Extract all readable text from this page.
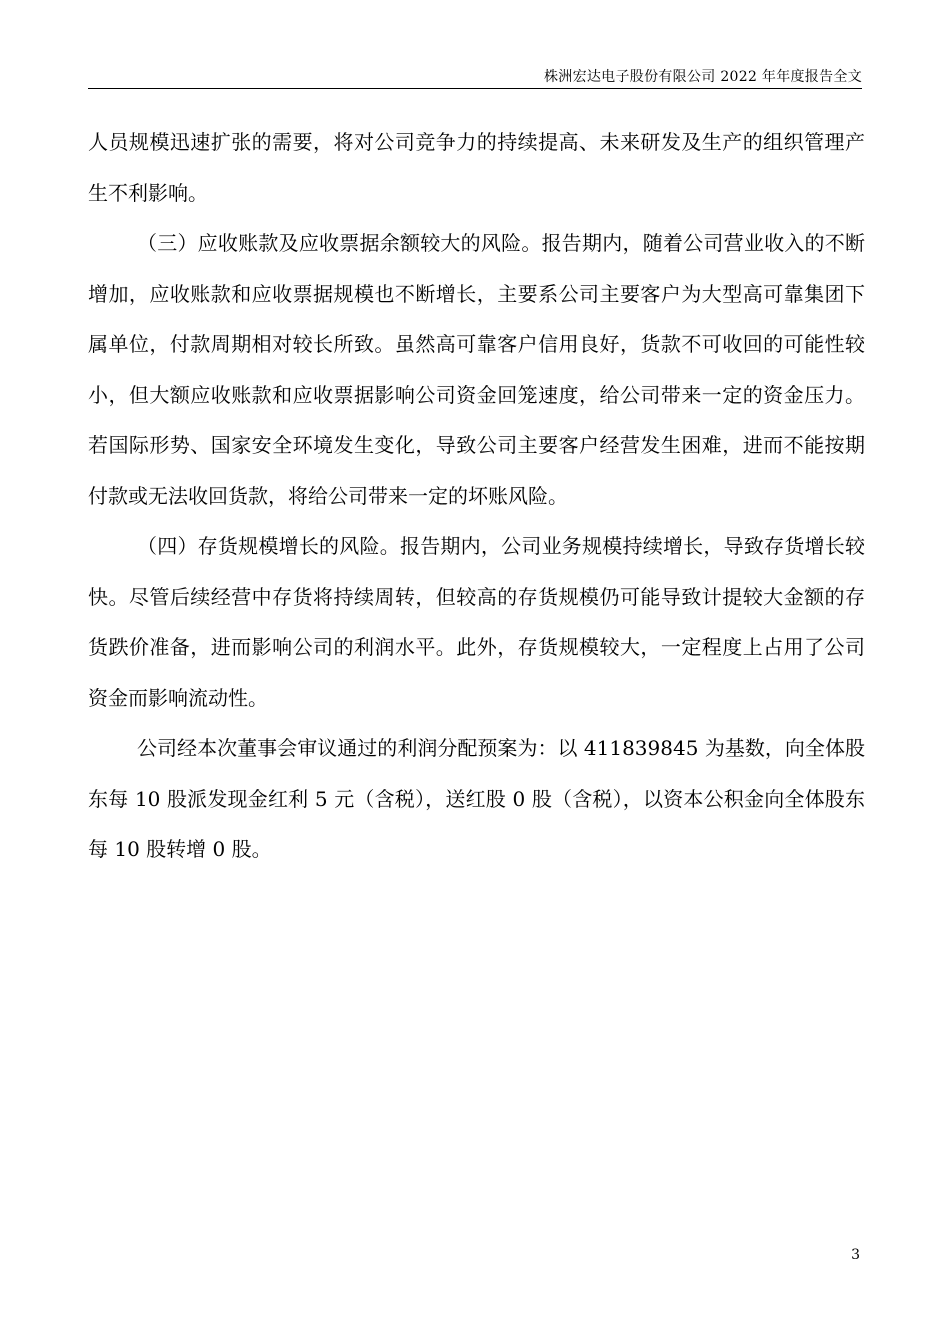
株洲宏达电子股份有限公司 2022 年年度报告全文

人员规模迅速扩张的需要，将对公司竞争力的持续提高、未来研发及生产的组织管理产生不利影响。

（三）应收账款及应收票据余额较大的风险。报告期内，随着公司营业收入的不断增加，应收账款和应收票据规模也不断增长，主要系公司主要客户为大型高可靠集团下属单位，付款周期相对较长所致。虽然高可靠客户信用良好，货款不可收回的可能性较小，但大额应收账款和应收票据影响公司资金回笼速度，给公司带来一定的资金压力。若国际形势、国家安全环境发生变化，导致公司主要客户经营发生困难，进而不能按期付款或无法收回货款，将给公司带来一定的坏账风险。

（四）存货规模增长的风险。报告期内，公司业务规模持续增长，导致存货增长较快。尽管后续经营中存货将持续周转，但较高的存货规模仍可能导致计提较大金额的存货跌价准备，进而影响公司的利润水平。此外，存货规模较大，一定程度上占用了公司资金而影响流动性。

公司经本次董事会审议通过的利润分配预案为：以 411839845 为基数，向全体股东每 10 股派发现金红利 5 元（含税），送红股 0 股（含税），以资本公积金向全体股东每 10 股转增 0 股。

3
